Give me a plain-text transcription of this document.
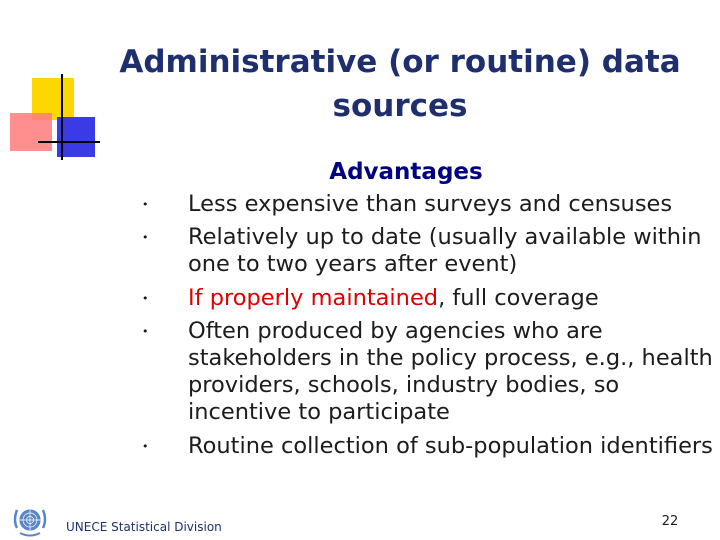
Administrative (or routine) data sources
Advantages
• Less expensive than surveys and censuses
• Relatively up to date (usually available within one to two years after event)
• If properly maintained, full coverage
• Often produced by agencies who are stakeholders in the policy process, e.g., health providers, schools, industry bodies, so incentive to participate
• Routine collection of sub-population identifiers
UNECE Statistical Division	22
